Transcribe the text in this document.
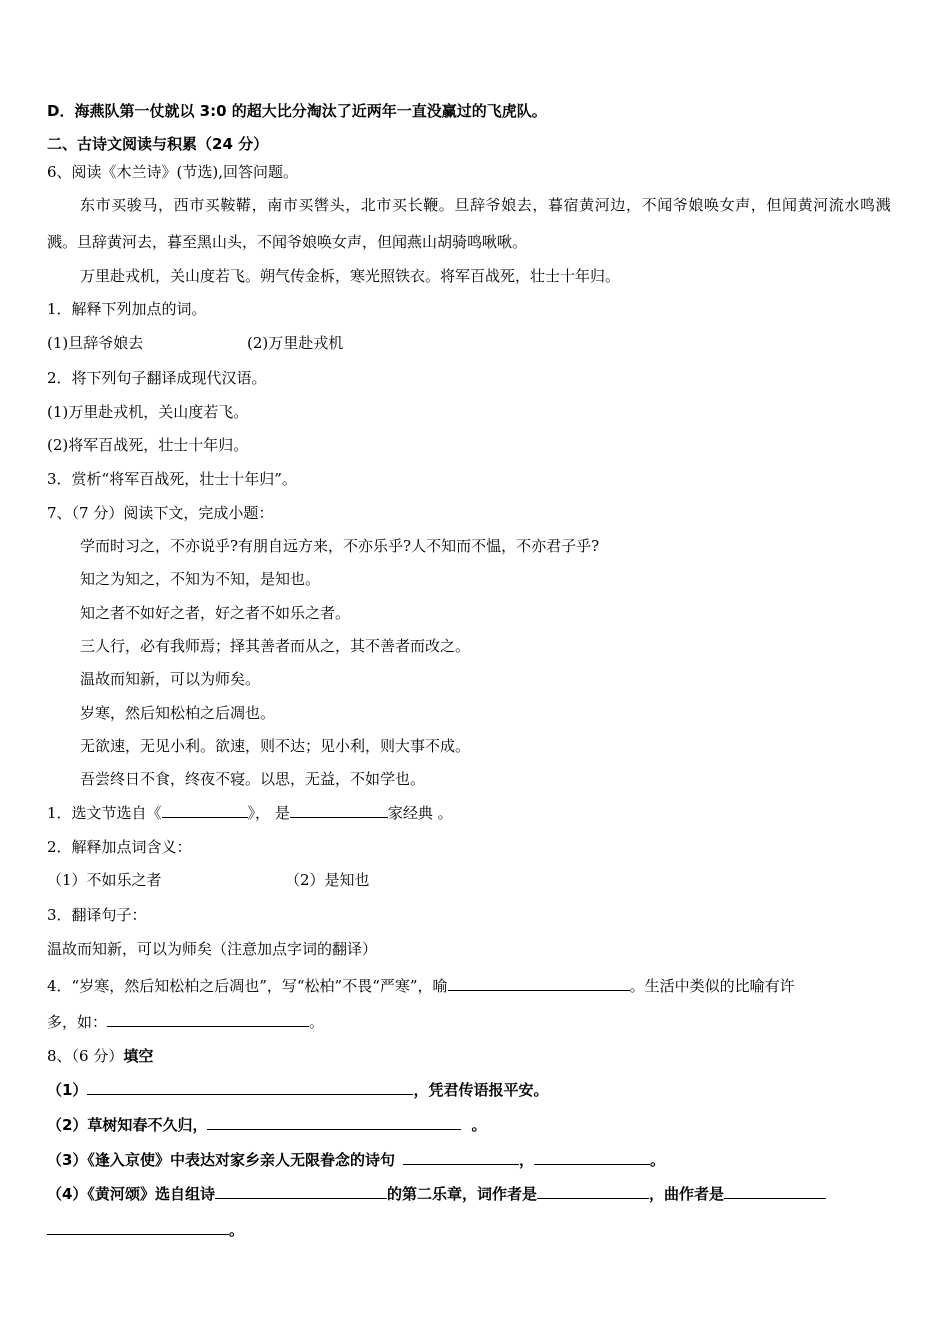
D．海燕队第一仗就以 3:0 的超大比分淘汰了近两年一直没赢过的飞虎队。
二、古诗文阅读与积累（24 分）
6、阅读《木兰诗》(节选),回答问题。
东市买骏马，西市买鞍鞯，南市买辔头，北市买长鞭。旦辞爷娘去，暮宿黄河边，不闻爷娘唤女声，但闻黄河流水鸣溅
溅。旦辞黄河去，暮至黑山头，不闻爷娘唤女声，但闻燕山胡骑鸣啾啾。
万里赴戎机，关山度若飞。朔气传金柝，寒光照铁衣。将军百战死，壮士十年归。
1．解释下列加点的词。
(1)旦辞爷娘去	(2)万里赴戎机
2．将下列句子翻译成现代汉语。
(1)万里赴戎机，关山度若飞。
(2)将军百战死，壮士十年归。
3．赏析“将军百战死，壮士十年归”。
7、（7 分）阅读下文，完成小题：
学而时习之，不亦说乎?有朋自远方来，不亦乐乎?人不知而不愠，不亦君子乎?
知之为知之，不知为不知，是知也。
知之者不如好之者，好之者不如乐之者。
三人行，必有我师焉；择其善者而从之，其不善者而改之。
温故而知新，可以为师矣。
岁寒，然后知松柏之后凋也。
无欲速，无见小利。欲速，则不达；见小利，则大事不成。
吾尝终日不食，终夜不寝。以思，无益，不如学也。
1．选文节选自《	》， 是	家经典 。
2．解释加点词含义：
（1）不如乐之者	（2）是知也
3．翻译句子：
温故而知新，可以为师矣（注意加点字词的翻译）
4．“岁寒，然后知松柏之后凋也”，写“松柏”不畏“严寒”，喻	。生活中类似的比喻有许
多，如：	。
8、（6 分）填空
（1）	，凭君传语报平安。
（2）草树知春不久归，	。
（3）《逢入京使》中表达对家乡亲人无限眷念的诗句	，	。
（4）《黄河颂》选自组诗	的第二乐章，词作者是	，曲作者是
。
